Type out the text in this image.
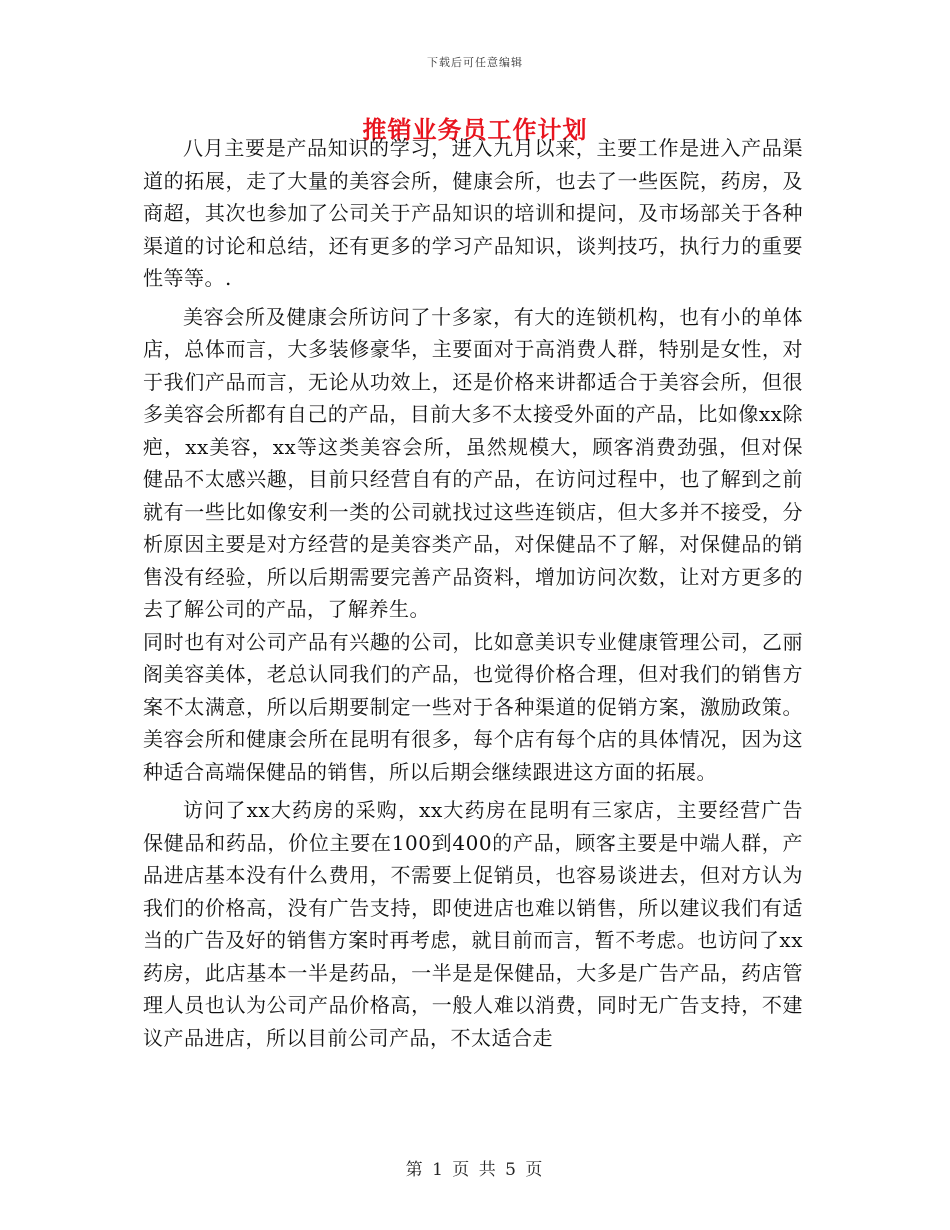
下载后可任意编辑
推销业务员工作计划

八月主要是产品知识的学习，进入九月以来，主要工作是进入产品渠道的拓展，走了大量的美容会所，健康会所，也去了一些医院，药房，及商超，其次也参加了公司关于产品知识的培训和提问，及市场部关于各种渠道的讨论和总结，还有更多的学习产品知识，谈判技巧，执行力的重要性等等。.

美容会所及健康会所访问了十多家，有大的连锁机构，也有小的单体店，总体而言，大多装修豪华，主要面对于高消费人群，特别是女性，对于我们产品而言，无论从功效上，还是价格来讲都适合于美容会所，但很多美容会所都有自己的产品，目前大多不太接受外面的产品，比如像xx除疤，xx美容，xx等这类美容会所，虽然规模大，顾客消费劲强，但对保健品不太感兴趣，目前只经营自有的产品，在访问过程中，也了解到之前就有一些比如像安利一类的公司就找过这些连锁店，但大多并不接受，分析原因主要是对方经营的是美容类产品，对保健品不了解，对保健品的销售没有经验，所以后期需要完善产品资料，增加访问次数，让对方更多的去了解公司的产品，了解养生。

同时也有对公司产品有兴趣的公司，比如意美识专业健康管理公司，乙丽阁美容美体，老总认同我们的产品，也觉得价格合理，但对我们的销售方案不太满意，所以后期要制定一些对于各种渠道的促销方案，激励政策。美容会所和健康会所在昆明有很多，每个店有每个店的具体情况，因为这种适合高端保健品的销售，所以后期会继续跟进这方面的拓展。

访问了xx大药房的采购，xx大药房在昆明有三家店，主要经营广告保健品和药品，价位主要在100到400的产品，顾客主要是中端人群，产品进店基本没有什么费用，不需要上促销员，也容易谈进去，但对方认为我们的价格高，没有广告支持，即使进店也难以销售，所以建议我们有适当的广告及好的销售方案时再考虑，就目前而言，暂不考虑。也访问了xx药房，此店基本一半是药品，一半是是保健品，大多是广告产品，药店管理人员也认为公司产品价格高，一般人难以消费，同时无广告支持，不建议产品进店，所以目前公司产品，不太适合走

第 1 页 共 5 页
